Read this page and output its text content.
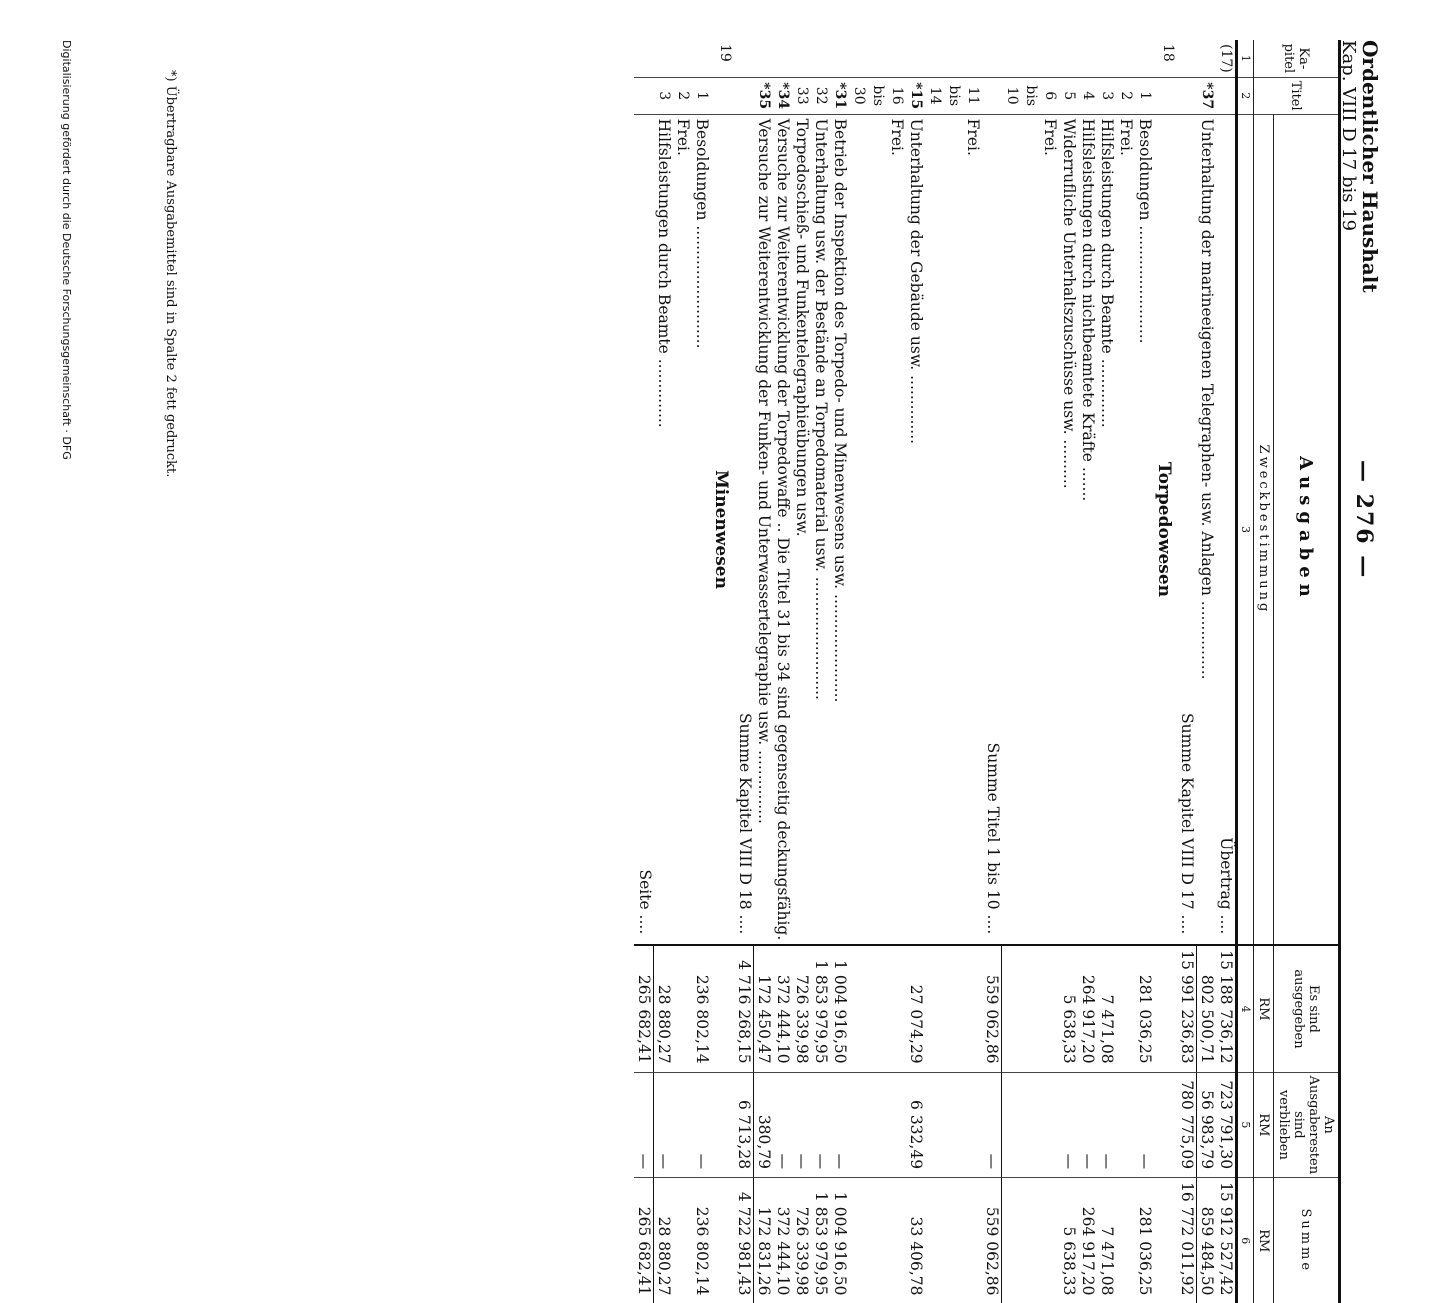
Ordentlicher Haushalt
Kap. VIII D 17 bis 19
— 276 —
Ka-pitel	Titel	Ausgaben	Es sind ausgegeben	An Ausgaberesten sind verblieben	Summe
		Zweckbestimmung	RM	RM	RM
1	2	3	4	5	6
(17)		Übertrag ....	15 188 736,12	723 791,30	15 912 527,42
	*37	Unterhaltung der marineeigenen Telegraphen- usw. Anlagen ................	802 500,71	56 983,79	859 484,50
		Summe Kapitel VIII D 17 ....	15 991 236,83	780 775,09	16 772 011,92
18		Torpedowesen			
	1	Besoldungen ........................	281 036,25	—	281 036,25
	2	Frei.			
	3	Hilfsleistungen durch Beamte ..............	7 471,08	—	7 471,08
	4	Hilfsleistungen durch nichtbeamtete Kräfte .......	264 917,20	—	264 917,20
	5	Widerrufliche Unterhaltszuschüsse usw. ..........	5 638,33	—	5 638,33
	6 bis 10	Frei.			
		Summe Titel 1 bis 10 ....	559 062,86	—	559 062,86
	11 bis 14	Frei.			
	*15	Unterhaltung der Gebäude usw. ..............	27 074,29	6 332,49	33 406,78
	16 bis 30	Frei.			
	*31	Betrieb der Inspektion des Torpedo- und Minenwesens usw. ......................	1 004 916,50	—	1 004 916,50
	32	Unterhaltung usw. der Bestände an Torpedomaterial usw. .........................	1 853 979,95	—	1 853 979,95
	33	Torpedoschieß- und Funkentelegraphieübungen usw.	726 339,98	—	726 339,98
	*34	Versuche zur Weiterentwicklung der Torpedowaffe .. Die Titel 31 bis 34 sind gegenseitig deckungsfähig.	372 444,10	—	372 444,10
	*35	Versuche zur Weiterentwicklung der Funken- und Unterwassertelegraphie usw. ...............	172 450,47	380,79	172 831,26
		Summe Kapitel VIII D 18 ....	4 716 268,15	6 713,28	4 722 981,43
19		Minenwesen			
	1	Besoldungen .........................	236 802,14	—	236 802,14
	2	Frei.			
	3	Hilfsleistungen durch Beamte ..............	28 880,27	—	28 880,27
		Seite ....	265 682,41	—	265 682,41
*) Übertragbare Ausgabemittel sind in Spalte 2 fett gedruckt.
Digitalisierung gefördert durch die Deutsche Forschungsgemeinschaft · DFG
